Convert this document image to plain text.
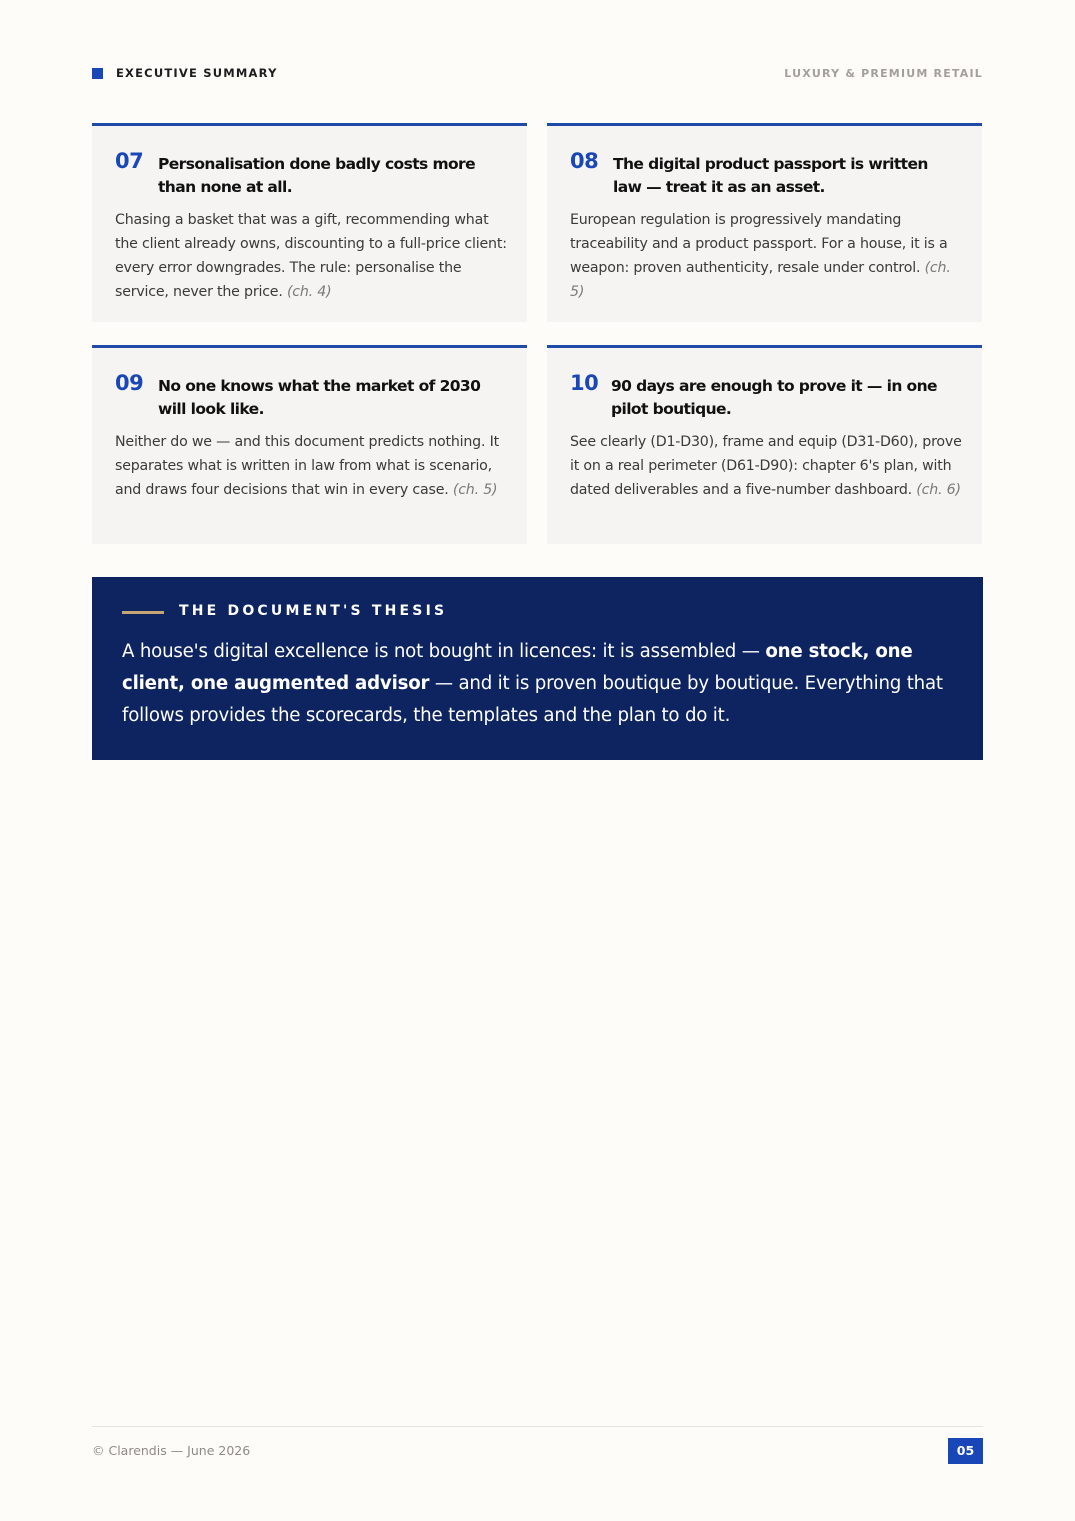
EXECUTIVE SUMMARY	LUXURY & PREMIUM RETAIL
07 Personalisation done badly costs more than none at all.
Chasing a basket that was a gift, recommending what the client already owns, discounting to a full-price client: every error downgrades. The rule: personalise the service, never the price. (ch. 4)
08 The digital product passport is written law — treat it as an asset.
European regulation is progressively mandating traceability and a product passport. For a house, it is a weapon: proven authenticity, resale under control. (ch. 5)
09 No one knows what the market of 2030 will look like.
Neither do we — and this document predicts nothing. It separates what is written in law from what is scenario, and draws four decisions that win in every case. (ch. 5)
10 90 days are enough to prove it — in one pilot boutique.
See clearly (D1-D30), frame and equip (D31-D60), prove it on a real perimeter (D61-D90): chapter 6's plan, with dated deliverables and a five-number dashboard. (ch. 6)
THE DOCUMENT'S THESIS
A house's digital excellence is not bought in licences: it is assembled — one stock, one client, one augmented advisor — and it is proven boutique by boutique. Everything that follows provides the scorecards, the templates and the plan to do it.
© Clarendis — June 2026	05
